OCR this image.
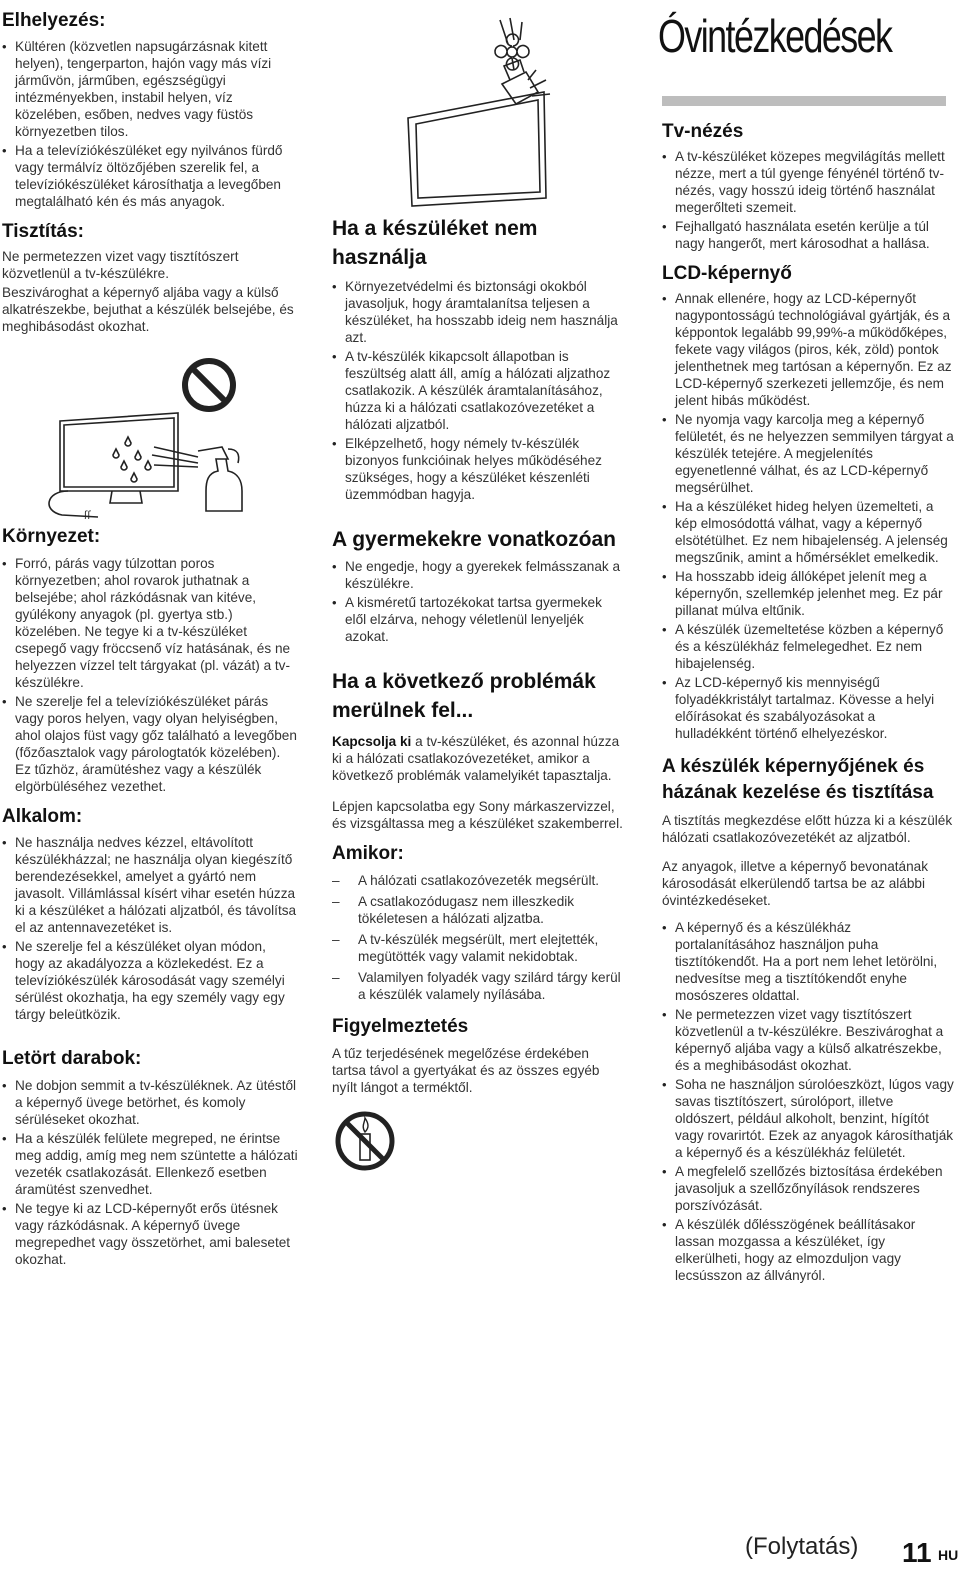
Elhelyezés:
• Kültéren (közvetlen napsugárzásnak kitett helyen), tengerparton, hajón vagy más vízi járművön, járműben, egészségügyi intézményekben, instabil helyen, víz közelében, esőben, nedves vagy füstös környezetben tilos.
• Ha a televíziókészüléket egy nyilvános fürdő vagy termálvíz öltözőjében szerelik fel, a televíziókészüléket károsíthatja a levegőben megtalálható kén és más anyagok.
Tisztítás:

Ne permetezzen vizet vagy tisztítószert közvetlenül a tv-készülékre.

Beszivároghat a képernyő aljába vagy a külső alkatrészekbe, bejuthat a készülék belsejébe, és meghibásodást okozhat.

ʃʃ
Környezet:
• Forró, párás vagy túlzottan poros környezetben; ahol rovarok juthatnak a belsejébe; ahol rázkódásnak van kitéve, gyúlékony anyagok (pl. gyertya stb.) közelében. Ne tegye ki a tv-készüléket csepegő vagy fröccsenő víz hatásának, és ne helyezzen vízzel telt tárgyakat (pl. vázát) a tv-készülékre.
• Ne szerelje fel a televíziókészüléket párás vagy poros helyen, vagy olyan helyiségben, ahol olajos füst vagy gőz található a levegőben (főzőasztalok vagy párologtatók közelében). Ez tűzhöz, áramütéshez vagy a készülék elgörbüléséhez vezethet.
Alkalom:
• Ne használja nedves kézzel, eltávolított készülékházzal; ne használja olyan kiegészítő berendezésekkel, amelyet a gyártó nem javasolt. Villámlással kísért vihar esetén húzza ki a készüléket a hálózati aljzatból, és távolítsa el az antennavezetéket is.
• Ne szerelje fel a készüléket olyan módon, hogy az akadályozza a közlekedést. Ez a televíziókészülék károsodását vagy személyi sérülést okozhatja, ha egy személy vagy egy tárgy beleütközik.
Letört darabok:
• Ne dobjon semmit a tv-készüléknek. Az ütéstől a képernyő üvege betörhet, és komoly sérüléseket okozhat.
• Ha a készülék felülete megreped, ne érintse meg addig, amíg meg nem szüntette a hálózati vezeték csatlakozását. Ellenkező esetben áramütést szenvedhet.
• Ne tegye ki az LCD-képernyőt erős ütésnek vagy rázkódásnak. A képernyő üvege megrepedhet vagy összetörhet, ami balesetet okozhat.
Ha a készüléket nem használja
• Környezetvédelmi és biztonsági okokból javasoljuk, hogy áramtalanítsa teljesen a készüléket, ha hosszabb ideig nem használja azt.
• A tv-készülék kikapcsolt állapotban is feszültség alatt áll, amíg a hálózati aljzathoz csatlakozik. A készülék áramtalanításához, húzza ki a hálózati csatlakozóvezetéket a hálózati aljzatból.
• Elképzelhető, hogy némely tv-készülék bizonyos funkcióinak helyes működéséhez szükséges, hogy a készüléket készenléti üzemmódban hagyja.
A gyermekekre vonatkozóan
• Ne engedje, hogy a gyerekek felmásszanak a készülékre.
• A kisméretű tartozékokat tartsa gyermekek elől elzárva, nehogy véletlenül lenyeljék azokat.
Ha a következő problémák merülnek fel...

Kapcsolja ki a tv-készüléket, és azonnal húzza ki a hálózati csatlakozóvezetéket, amikor a következő problémák valamelyikét tapasztalja.

Lépjen kapcsolatba egy Sony márkaszervizzel, és vizsgáltassa meg a készüléket szakemberrel.

Amikor:
– A hálózati csatlakozóvezeték megsérült.
– A csatlakozódugasz nem illeszkedik tökéletesen a hálózati aljzatba.
– A tv-készülék megsérült, mert elejtették, megütötték vagy valamit nekidobtak.
– Valamilyen folyadék vagy szilárd tárgy kerül a készülék valamely nyílásába.
Figyelmeztetés

A tűz terjedésének megelőzése érdekében tartsa távol a gyertyákat és az összes egyéb nyílt lángot a terméktől.

Óvintézkedések
Tv-nézés
• A tv-készüléket közepes megvilágítás mellett nézze, mert a túl gyenge fényénél történő tv-nézés, vagy hosszú ideig történő használat megerőlteti szemeit.
• Fejhallgató használata esetén kerülje a túl nagy hangerőt, mert károsodhat a hallása.
LCD-képernyő
• Annak ellenére, hogy az LCD-képernyőt nagypontosságú technológiával gyártják, és a képpontok legalább 99,99%-a működőképes, fekete vagy világos (piros, kék, zöld) pontok jelenthetnek meg tartósan a képernyőn. Ez az LCD-képernyő szerkezeti jellemzője, és nem jelent hibás működést.
• Ne nyomja vagy karcolja meg a képernyő felületét, és ne helyezzen semmilyen tárgyat a készülék tetejére. A megjelenítés egyenetlenné válhat, és az LCD-képernyő megsérülhet.
• Ha a készüléket hideg helyen üzemelteti, a kép elmosódottá válhat, vagy a képernyő elsötétülhet. Ez nem hibajelenség. A jelenség megszűnik, amint a hőmérséklet emelkedik.
• Ha hosszabb ideig állóképet jelenít meg a képernyőn, szellemkép jelenhet meg. Ez pár pillanat múlva eltűnik.
• A készülék üzemeltetése közben a képernyő és a készülékház felmelegedhet. Ez nem hibajelenség.
• Az LCD-képernyő kis mennyiségű folyadékkristályt tartalmaz. Kövesse a helyi előírásokat és szabályozásokat a hulladékként történő elhelyezéskor.
A készülék képernyőjének és házának kezelése és tisztítása

A tisztítás megkezdése előtt húzza ki a készülék hálózati csatlakozóvezetékét az aljzatból.

Az anyagok, illetve a képernyő bevonatának károsodását elkerülendő tartsa be az alábbi óvintézkedéseket.

• A képernyő és a készülékház portalanításához használjon puha tisztítókendőt. Ha a port nem lehet letörölni, nedvesítse meg a tisztítókendőt enyhe mosószeres oldattal.
• Ne permetezzen vizet vagy tisztítószert közvetlenül a tv-készülékre. Beszivároghat a képernyő aljába vagy a külső alkatrészekbe, és a meghibásodást okozhat.
• Soha ne használjon súrolóeszközt, lúgos vagy savas tisztítószert, súrolóport, illetve oldószert, például alkoholt, benzint, hígítót vagy rovarirtót. Ezek az anyagok károsíthatják a képernyő és a készülékház felületét.
• A megfelelő szellőzés biztosítása érdekében javasoljuk a szellőzőnyílások rendszeres porszívózását.
• A készülék dőlésszögének beállításakor lassan mozgassa a készüléket, így elkerülheti, hogy az elmozduljon vagy lecsússzon az állványról.
(Folytatás) 11 HU
